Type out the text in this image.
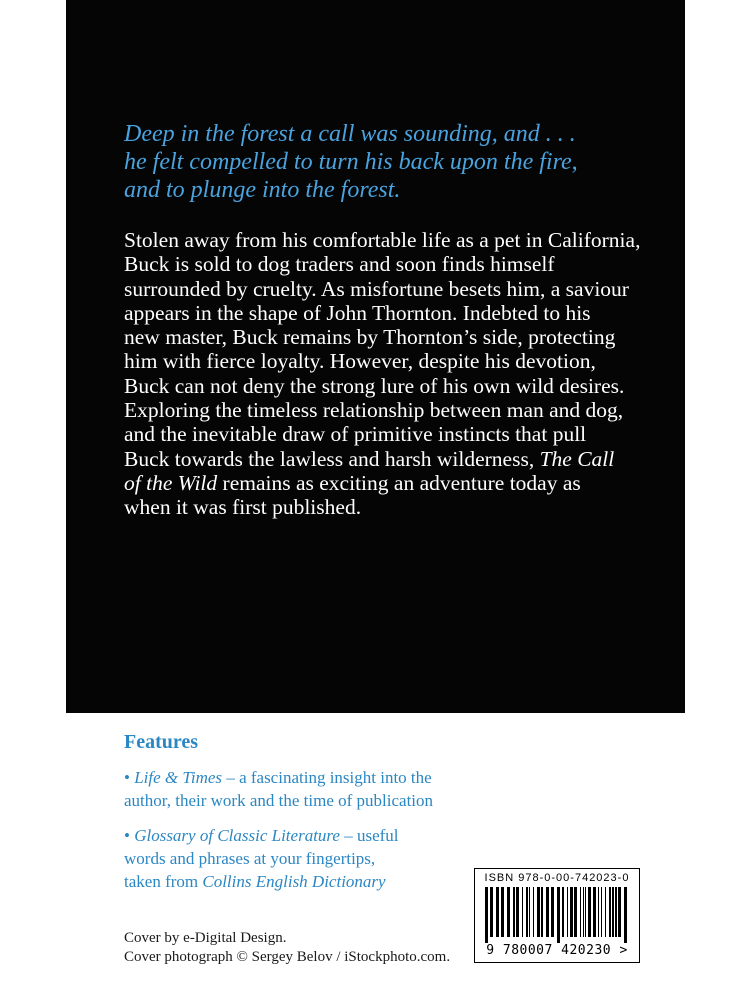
Deep in the forest a call was sounding, and . . .
he felt compelled to turn his back upon the fire,
and to plunge into the forest.

Stolen away from his comfortable life as a pet in California,
Buck is sold to dog traders and soon finds himself
surrounded by cruelty. As misfortune besets him, a saviour
appears in the shape of John Thornton. Indebted to his
new master, Buck remains by Thornton’s side, protecting
him with fierce loyalty. However, despite his devotion,
Buck can not deny the strong lure of his own wild desires.
Exploring the timeless relationship between man and dog,
and the inevitable draw of primitive instincts that pull
Buck towards the lawless and harsh wilderness, The Call
of the Wild remains as exciting an adventure today as
when it was first published.

Features

• Life & Times – a fascinating insight into the
author, their work and the time of publication

• Glossary of Classic Literature – useful
words and phrases at your fingertips,
taken from Collins English Dictionary

Cover by e-Digital Design.
Cover photograph © Sergey Belov / iStockphoto.com.

ISBN 978-0-00-742023-0
9 780007 420230 >
